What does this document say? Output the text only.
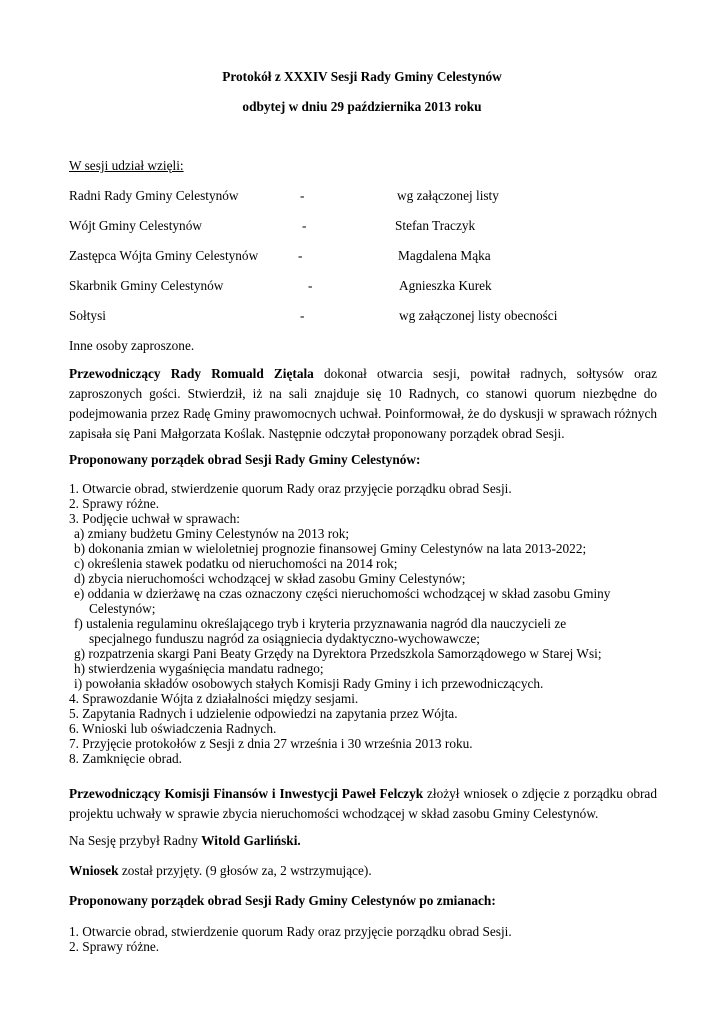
Protokół z XXXIV Sesji Rady Gminy Celestynów
odbytej w dniu 29 października 2013 roku
W sesji udział wzięli:
Radni Rady Gminy Celestynów	-	wg załączonej listy
Wójt Gminy Celestynów	-	Stefan Traczyk
Zastępca Wójta Gminy Celestynów	-	Magdalena Mąka
Skarbnik Gminy Celestynów	-	Agnieszka Kurek
Sołtysi	-	wg załączonej listy obecności
Inne osoby zaproszone.
Przewodniczący Rady Romuald Ziętala dokonał otwarcia sesji, powitał radnych, sołtysów oraz zaproszonych gości. Stwierdził, iż na sali znajduje się 10 Radnych, co stanowi quorum niezbędne do podejmowania przez Radę Gminy prawomocnych uchwał. Poinformował, że do dyskusji w sprawach różnych zapisała się Pani Małgorzata Koślak. Następnie odczytał proponowany porządek obrad Sesji.
Proponowany porządek obrad Sesji Rady Gminy Celestynów:
1. Otwarcie obrad, stwierdzenie quorum Rady oraz przyjęcie porządku obrad Sesji.
2. Sprawy różne.
3. Podjęcie uchwał w sprawach:
a) zmiany budżetu Gminy Celestynów na 2013 rok;
b) dokonania zmian w wieloletniej prognozie finansowej Gminy Celestynów na lata 2013-2022;
c) określenia stawek podatku od nieruchomości na 2014 rok;
d) zbycia nieruchomości wchodzącej w skład zasobu Gminy Celestynów;
e) oddania w dzierżawę na czas oznaczony części nieruchomości wchodzącej w skład zasobu Gminy
Celestynów;
f) ustalenia regulaminu określającego tryb i kryteria przyznawania nagród dla nauczycieli ze
specjalnego funduszu nagród za osiągniecia dydaktyczno-wychowawcze;
g) rozpatrzenia skargi Pani Beaty Grzędy na Dyrektora Przedszkola Samorządowego w Starej Wsi;
h) stwierdzenia wygaśnięcia mandatu radnego;
i) powołania składów osobowych stałych Komisji Rady Gminy i ich przewodniczących.
4. Sprawozdanie Wójta z działalności między sesjami.
5. Zapytania Radnych i udzielenie odpowiedzi na zapytania przez Wójta.
6. Wnioski lub oświadczenia Radnych.
7. Przyjęcie protokołów z Sesji z dnia 27 września i 30 września 2013 roku.
8. Zamknięcie obrad.
Przewodniczący Komisji Finansów i Inwestycji Paweł Felczyk złożył wniosek o zdjęcie z porządku obrad projektu uchwały w sprawie zbycia nieruchomości wchodzącej w skład zasobu Gminy Celestynów.
Na Sesję przybył Radny Witold Garliński.
Wniosek został przyjęty. (9 głosów za, 2 wstrzymujące).
Proponowany porządek obrad Sesji Rady Gminy Celestynów po zmianach:
1. Otwarcie obrad, stwierdzenie quorum Rady oraz przyjęcie porządku obrad Sesji.
2. Sprawy różne.
